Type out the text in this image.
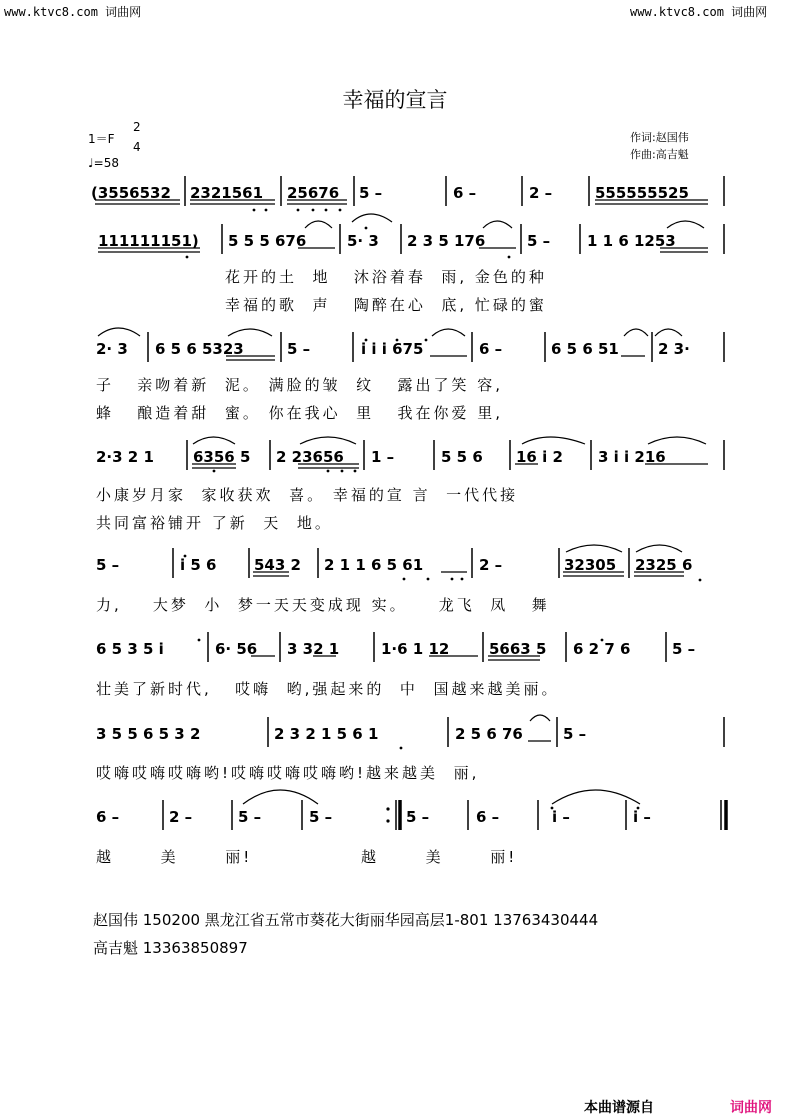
www.ktvc8.com 词曲网	www.ktvc8.com 词曲网
幸福的宣言
1＝F
2
4
♩=58
作词:赵国伟
作曲:高吉魁
(3556532 2321561 25676 5 –	6 –	2 –	555555525
111111151) 5 5 5 676	5· 3 2 3 5 176	5 – 1 1 6 1253
2· 3 6 5 6 5323	5 –	i i i 675	6 –	6 5 6 51	2 3·
2·3 2 1	6356 5 2 23656 1 –	5 5 6 16 i 2 3 i i 216
5 –	i 5 6	543 2 2 1 1 6 5 61	2 –	32305 2325 6
6 5 3 5 i	6· 56 3 32 1	1·6 1 12	5663 5 6 2 7 6	5 –
3 5 5 6 5 3 2	2 3 2 1 5 6 1	2 5 6 76	5 –
6 –	2 –	5 –	5 –	5 –	6 –	i –	i –
花开的土  地   沐浴着春  雨, 金色的种
幸福的歌  声   陶醉在心  底, 忙碌的蜜
子   亲吻着新  泥。 满脸的皱  纹   露出了笑 容,
蜂   酿造着甜  蜜。 你在我心  里   我在你爱 里,
小康岁月家  家收获欢  喜。 幸福的宣 言  一代代接
共同富裕铺开 了新  天  地。
力,    大梦  小  梦一天天变成现 实。    龙飞  凤   舞
壮美了新时代,   哎嗨  哟,强起来的  中  国越来越美丽。
哎嗨哎嗨哎嗨哟!哎嗨哎嗨哎嗨哟!越来越美  丽,
越      美      丽!              越      美      丽!
赵国伟 150200 黑龙江省五常市葵花大街丽华园高层1-801 13763430444
高吉魁 13363850897
本曲谱源自	词曲网
